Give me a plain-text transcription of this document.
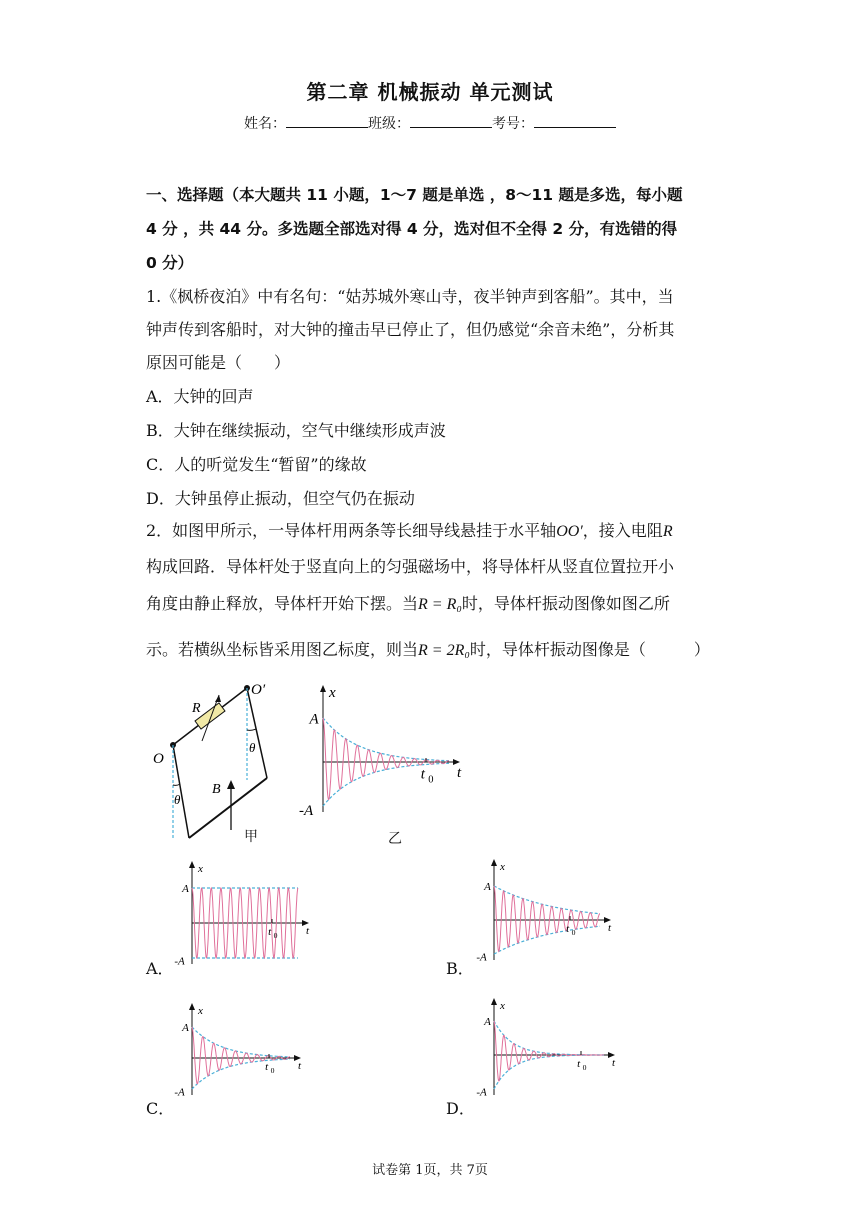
第二章 机械振动 单元测试
姓名：	班级：	考号：
一、选择题（本大题共 11 小题，1～7 题是单选 ，8～11 题是多选，每小题
4 分 ，共 44 分。多选题全部选对得 4 分，选对但不全得 2 分，有选错的得
0 分）
1.《枫桥夜泊》中有名句：“姑苏城外寒山寺，夜半钟声到客船”。其中，当
钟声传到客船时，对大钟的撞击早已停止了，但仍感觉“余音未绝”，分析其
原因可能是（　　）
A．大钟的回声
B．大钟在继续振动，空气中继续形成声波
C．人的听觉发生“暂留”的缘故
D．大钟虽停止振动，但空气仍在振动
2．如图甲所示，一导体杆用两条等长细导线悬挂于水平轴OO′，接入电阻R
构成回路．导体杆处于竖直向上的匀强磁场中，将导体杆从竖直位置拉开小
角度由静止释放，导体杆开始下摆。当R = R₀时，导体杆振动图像如图乙所
示。若横纵坐标皆采用图乙标度，则当R = 2R₀时，导体杆振动图像是（　　　）
O
O′
R
B
θ
θ
甲
A
-A
x
t
t 0
乙
A
-A
x
t
t 0
A
-A
x
t
t 0
A
-A
x
t
t 0
A
-A
x
t
t 0
A．	B．
C．	D．
试卷第 1页，共 7页
